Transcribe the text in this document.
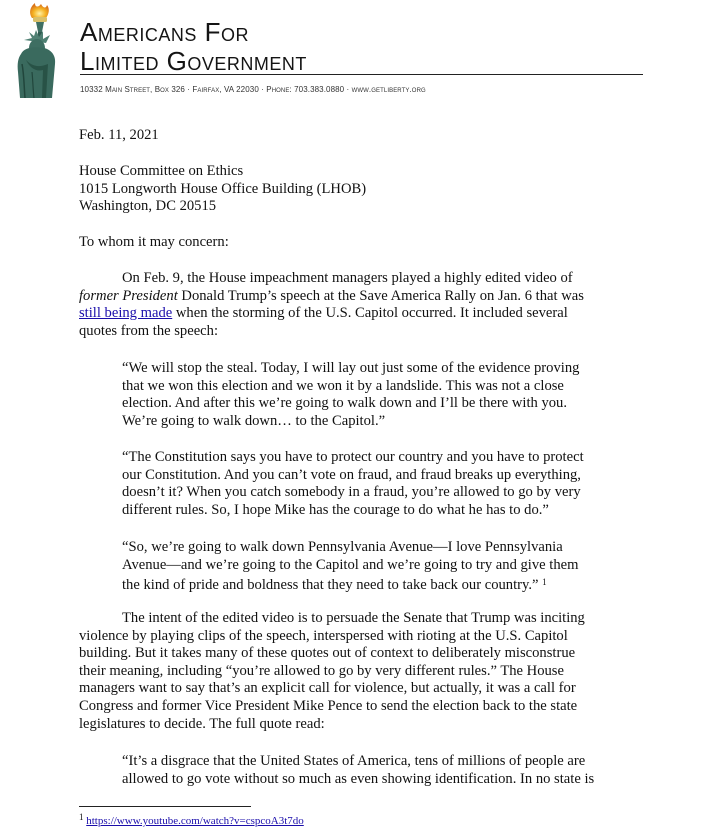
Americans For
Limited Government
10332 Main Street, Box 326 · Fairfax, VA 22030 · Phone: 703.383.0880 · www.getliberty.org
Feb. 11, 2021
House Committee on Ethics
1015 Longworth House Office Building (LHOB)
Washington, DC 20515
To whom it may concern:
On Feb. 9, the House impeachment managers played a highly edited video of
former President Donald Trump’s speech at the Save America Rally on Jan. 6 that was
still being made when the storming of the U.S. Capitol occurred. It included several
quotes from the speech:
“We will stop the steal. Today, I will lay out just some of the evidence proving
that we won this election and we won it by a landslide. This was not a close
election. And after this we’re going to walk down and I’ll be there with you.
We’re going to walk down… to the Capitol.”
“The Constitution says you have to protect our country and you have to protect
our Constitution. And you can’t vote on fraud, and fraud breaks up everything,
doesn’t it? When you catch somebody in a fraud, you’re allowed to go by very
different rules. So, I hope Mike has the courage to do what he has to do.”
“So, we’re going to walk down Pennsylvania Avenue—I love Pennsylvania
Avenue—and we’re going to the Capitol and we’re going to try and give them
the kind of pride and boldness that they need to take back our country.” $^1$
The intent of the edited video is to persuade the Senate that Trump was inciting
violence by playing clips of the speech, interspersed with rioting at the U.S. Capitol
building. But it takes many of these quotes out of context to deliberately misconstrue
their meaning, including “you’re allowed to go by very different rules.” The House
managers want to say that’s an explicit call for violence, but actually, it was a call for
Congress and former Vice President Mike Pence to send the election back to the state
legislatures to decide. The full quote read:
“It’s a disgrace that the United States of America, tens of millions of people are
allowed to go vote without so much as even showing identification. In no state is
$^1$ https://www.youtube.com/watch?v=cspcoA3t7do
